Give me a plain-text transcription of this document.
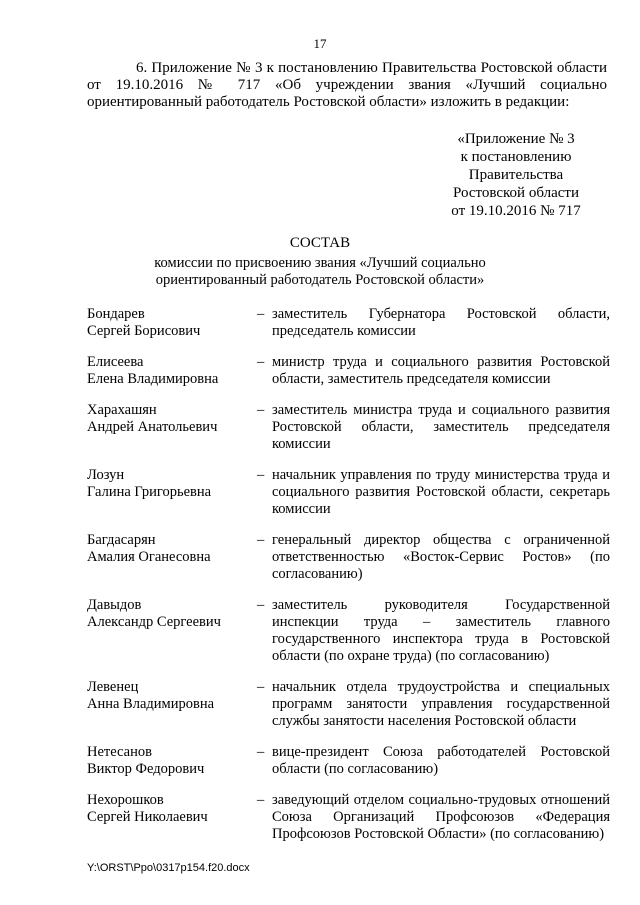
17

6. Приложение № 3 к постановлению Правительства Ростовской области от 19.10.2016 № 717 «Об учреждении звания «Лучший социально ориентированный работодатель Ростовской области» изложить в редакции:

«Приложение № 3
к постановлению
Правительства
Ростовской области
от 19.10.2016 № 717
СОСТАВ
комиссии по присвоению звания «Лучший социально ориентированный работодатель Ростовской области»
Бондарев
Сергей Борисович
– заместитель Губернатора Ростовской области, председатель комиссии
Елисеева
Елена Владимировна
– министр труда и социального развития Ростовской области, заместитель председателя комиссии
Харахашян
Андрей Анатольевич
– заместитель министра труда и социального развития Ростовской области, заместитель председателя комиссии
Лозун
Галина Григорьевна
– начальник управления по труду министерства труда и социального развития Ростовской области, секретарь комиссии
Багдасарян
Амалия Оганесовна
– генеральный директор общества с ограниченной ответственностью «Восток-Сервис Ростов» (по согласованию)
Давыдов
Александр Сергеевич
– заместитель руководителя Государственной инспекции труда – заместитель главного государственного инспектора труда в Ростовской области (по охране труда) (по согласованию)
Левенец
Анна Владимировна
– начальник отдела трудоустройства и специальных программ занятости управления государственной службы занятости населения Ростовской области
Нетесанов
Виктор Федорович
– вице-президент Союза работодателей Ростовской области (по согласованию)
Нехорошков
Сергей Николаевич
– заведующий отделом социально-трудовых отношений Союза Организаций Профсоюзов «Федерация Профсоюзов Ростовской Области» (по согласованию)
Y:\ORST\Ppo\0317p154.f20.docx
